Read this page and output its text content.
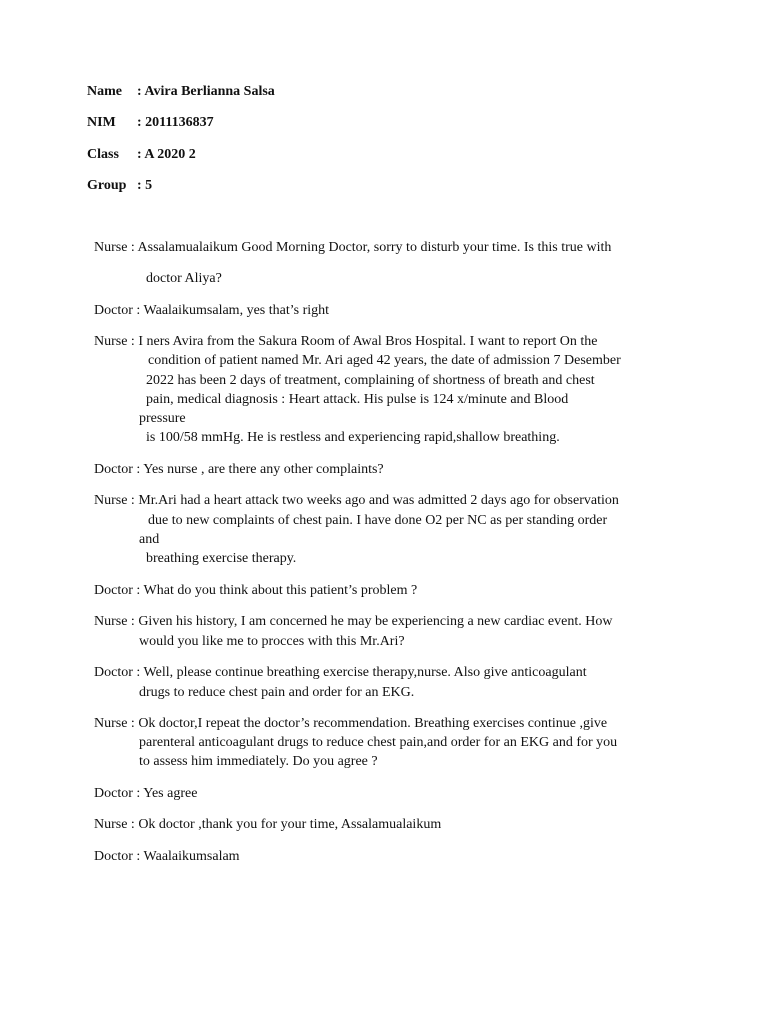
Name : Avira Berlianna Salsa
NIM : 2011136837
Class : A 2020 2
Group : 5
Nurse : Assalamualaikum Good Morning Doctor, sorry to disturb your time. Is this true with
doctor Aliya?
Doctor : Waalaikumsalam, yes that’s right
Nurse : I ners Avira from the Sakura Room of Awal Bros Hospital. I want to report On the
condition of patient named Mr. Ari aged 42 years, the date of admission 7 Desember
2022 has been 2 days of treatment, complaining of shortness of breath and chest
pain, medical diagnosis : Heart attack. His pulse is 124 x/minute and Blood
pressure
is 100/58 mmHg. He is restless and experiencing rapid,shallow breathing.
Doctor : Yes nurse , are there any other complaints?
Nurse : Mr.Ari had a heart attack two weeks ago and was admitted 2 days ago for observation
due to new complaints of chest pain. I have done O2 per NC as per standing order
and
breathing exercise therapy.
Doctor : What do you think about this patient’s problem ?
Nurse : Given his history, I am concerned he may be experiencing a new cardiac event. How
would you like me to procces with this Mr.Ari?
Doctor : Well, please continue breathing exercise therapy,nurse. Also give anticoagulant
drugs to reduce chest pain and order for an EKG.
Nurse : Ok doctor,I repeat the doctor’s recommendation. Breathing exercises continue ,give
parenteral anticoagulant drugs to reduce chest pain,and order for an EKG and for you
to assess him immediately. Do you agree ?
Doctor : Yes agree
Nurse : Ok doctor ,thank you for your time, Assalamualaikum
Doctor : Waalaikumsalam
